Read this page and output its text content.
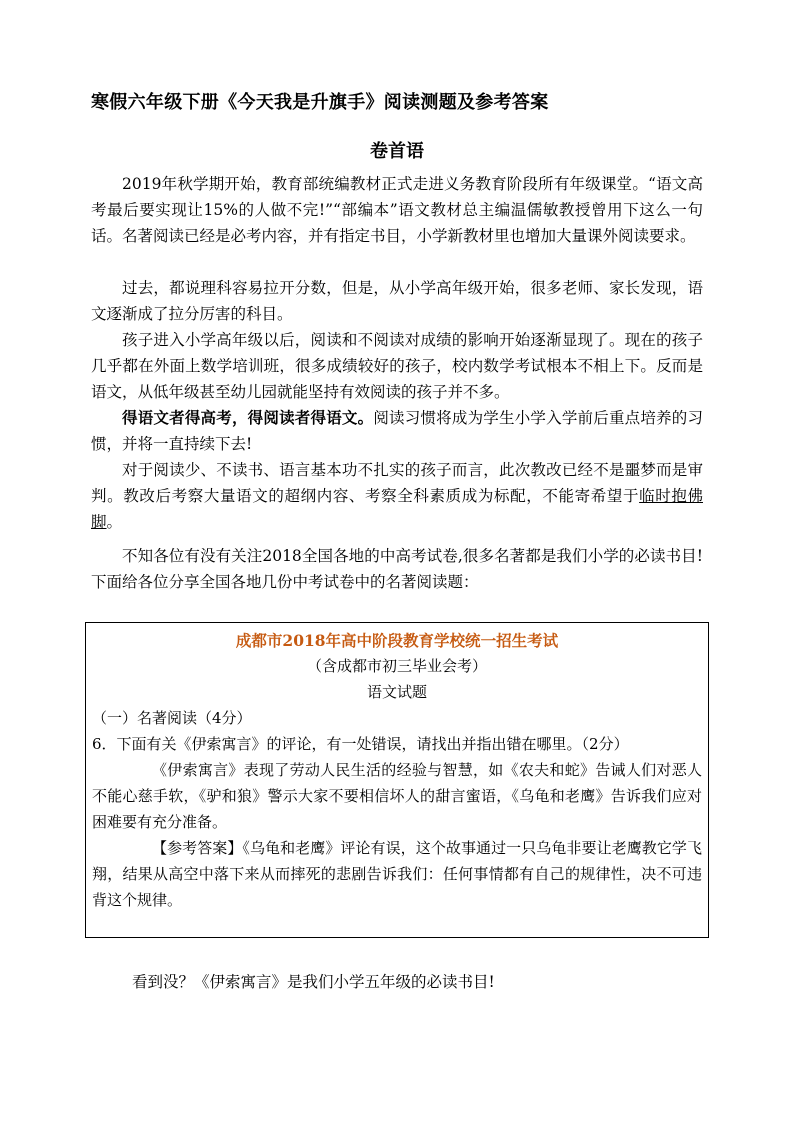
寒假六年级下册《今天我是升旗手》阅读测题及参考答案
卷首语

2019年秋学期开始，教育部统编教材正式走进义务教育阶段所有年级课堂。“语文高考最后要实现让15%的人做不完!”“部编本”语文教材总主编温儒敏教授曾用下这么一句话。名著阅读已经是必考内容，并有指定书目，小学新教材里也增加大量课外阅读要求。

过去，都说理科容易拉开分数，但是，从小学高年级开始，很多老师、家长发现，语文逐渐成了拉分厉害的科目。

孩子进入小学高年级以后，阅读和不阅读对成绩的影响开始逐渐显现了。现在的孩子几乎都在外面上数学培训班，很多成绩较好的孩子，校内数学考试根本不相上下。反而是语文，从低年级甚至幼儿园就能坚持有效阅读的孩子并不多。

得语文者得高考，得阅读者得语文。阅读习惯将成为学生小学入学前后重点培养的习惯，并将一直持续下去!

对于阅读少、不读书、语言基本功不扎实的孩子而言，此次教改已经不是噩梦而是审判。教改后考察大量语文的超纲内容、考察全科素质成为标配，不能寄希望于临时抱佛脚。

不知各位有没有关注2018全国各地的中高考试卷,很多名著都是我们小学的必读书目! 下面给各位分享全国各地几份中考试卷中的名著阅读题：

成都市2018年高中阶段教育学校统一招生考试
（含成都市初三毕业会考）
语文试题

（一）名著阅读（4分）

6．下面有关《伊索寓言》的评论，有一处错误，请找出并指出错在哪里。（2分）

《伊索寓言》表现了劳动人民生活的经验与智慧，如《农夫和蛇》告诫人们对恶人不能心慈手软，《驴和狼》警示大家不要相信坏人的甜言蜜语，《乌龟和老鹰》告诉我们应对困难要有充分准备。

【参考答案】《乌龟和老鹰》评论有误，这个故事通过一只乌龟非要让老鹰教它学飞翔，结果从高空中落下来从而摔死的悲剧告诉我们：任何事情都有自己的规律性，决不可违背这个规律。

看到没？《伊索寓言》是我们小学五年级的必读书目!
